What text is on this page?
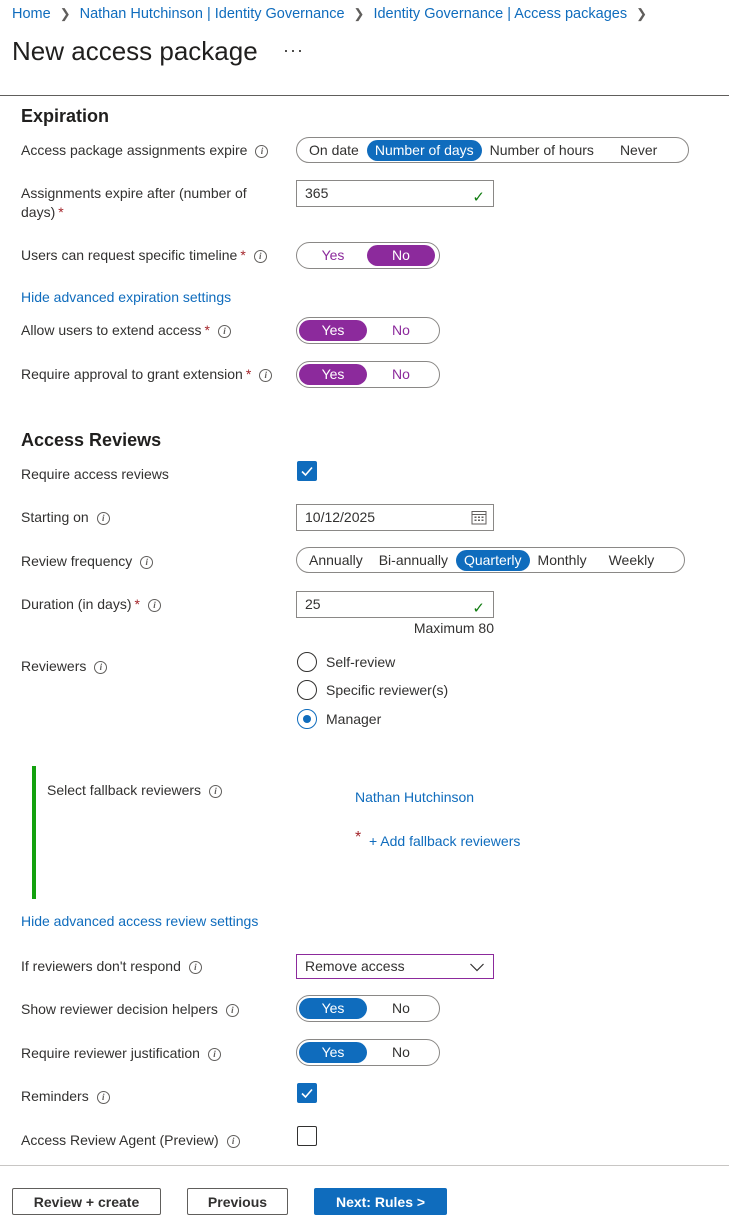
Home ❯ Nathan Hutchinson | Identity Governance ❯ Identity Governance | Access packages ❯
New access package ···
Expiration
Access package assignments expire i	On date	Number of days	Number of hours	Never
Assignments expire after (number of
days) *
365	✓
Users can request specific timeline * i	Yes	No
Hide advanced expiration settings
Allow users to extend access * i	Yes	No
Require approval to grant extension * i	Yes	No
Access Reviews
Require access reviews
Starting on i	10/12/2025
Review frequency i	Annually	Bi-annually	Quarterly	Monthly	Weekly
Duration (in days) * i	25	✓
Maximum 80
Reviewers i	Self-review
Specific reviewer(s)
Manager
Select fallback reviewers i	Nathan Hutchinson
* + Add fallback reviewers
Hide advanced access review settings
If reviewers don't respond i	Remove access
Show reviewer decision helpers i	Yes	No
Require reviewer justification i	Yes	No
Reminders i
Access Review Agent (Preview) i
Review + create	Previous	Next: Rules >
